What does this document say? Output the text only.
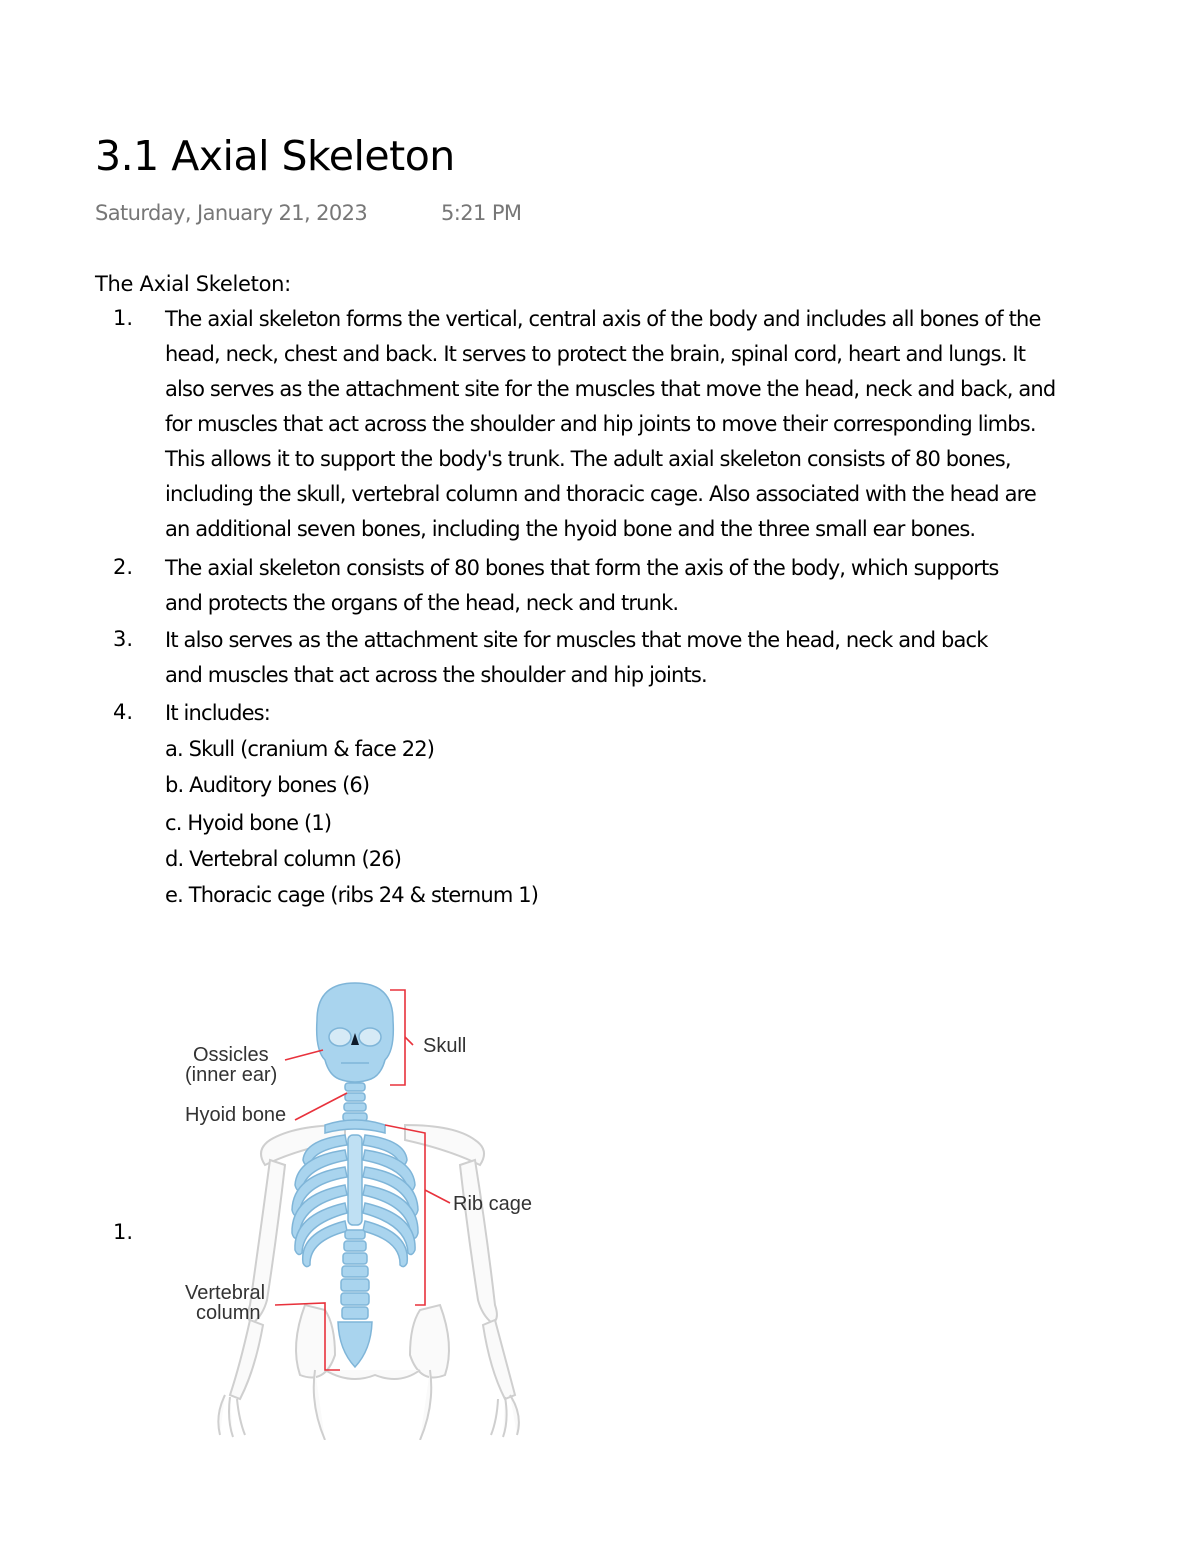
3.1 Axial Skeleton
Saturday, January 21, 2023	5:21 PM
The Axial Skeleton:
1. The axial skeleton forms the vertical, central axis of the body and includes all bones of the
head, neck, chest and back. It serves to protect the brain, spinal cord, heart and lungs. It
also serves as the attachment site for the muscles that move the head, neck and back, and
for muscles that act across the shoulder and hip joints to move their corresponding limbs.
This allows it to support the body's trunk. The adult axial skeleton consists of 80 bones,
including the skull, vertebral column and thoracic cage. Also associated with the head are
an additional seven bones, including the hyoid bone and the three small ear bones.
2. The axial skeleton consists of 80 bones that form the axis of the body, which supports
and protects the organs of the head, neck and trunk.
3. It also serves as the attachment site for muscles that move the head, neck and back
and muscles that act across the shoulder and hip joints.
4. It includes:
a. Skull (cranium & face 22)
b. Auditory bones (6)
c. Hyoid bone (1)
d. Vertebral column (26)
e. Thoracic cage (ribs 24 & sternum 1)
1.
Ossicles
(inner ear)
Hyoid bone
Skull
Rib cage
Vertebral
column
